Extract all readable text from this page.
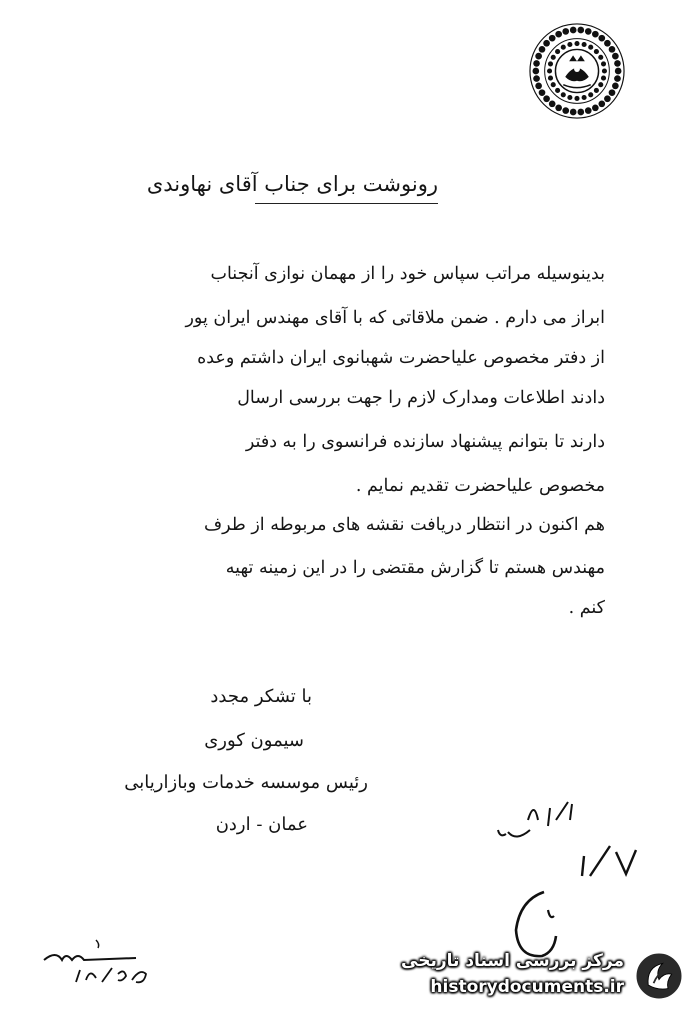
رونوشت برای جناب آقای نهاوندی
بدینوسیله مراتب سپاس خود را از مهمان نوازی آنجناب
ابراز می دارم . ضمن ملاقاتی که با آقای مهندس ایران پور
از دفتر مخصوص علیاحضرت شهبانوی ایران داشتم وعده
دادند اطلاعات ومدارک لازم را جهت بررسی ارسال
دارند تا بتوانم پیشنهاد سازنده فرانسوی را به دفتر
مخصوص علیاحضرت تقدیم نمایم .
هم اکنون در انتظار دریافت نقشه های مربوطه از طرف
مهندس هستم تا گزارش مقتضی را در این زمینه تهیه
کنم .
با تشکر مجدد
سیمون کوری
رئیس موسسه خدمات وبازاریابی
عمان - اردن
مرکز بررسی اسناد تاریخی
historydocuments.ir
